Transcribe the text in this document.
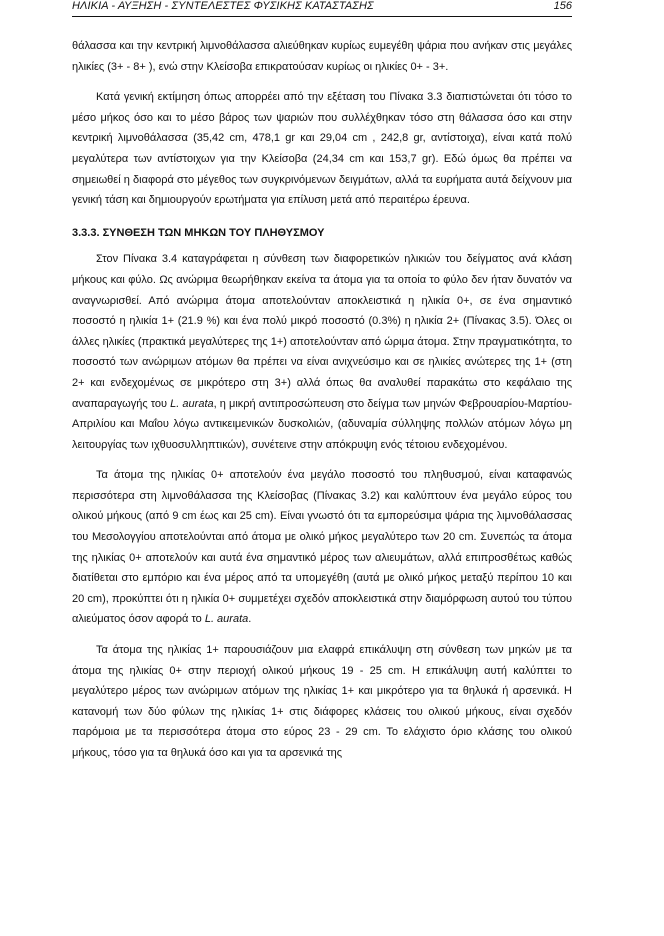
ΗΛΙΚΙΑ - ΑΥΞΗΣΗ - ΣΥΝΤΕΛΕΣΤΕΣ ΦΥΣΙΚΗΣ ΚΑΤΑΣΤΑΣΗΣ	156

θάλασσα και την κεντρική λιμνοθάλασσα αλιεύθηκαν κυρίως ευμεγέθη ψάρια που ανήκαν στις μεγάλες ηλικίες (3+ - 8+ ), ενώ στην Κλείσοβα επικρατούσαν κυρίως οι ηλικίες 0+ - 3+.

Κατά γενική εκτίμηση όπως απορρέει από την εξέταση του Πίνακα 3.3 διαπιστώνεται ότι τόσο το μέσο μήκος όσο και το μέσο βάρος των ψαριών που συλλέχθηκαν τόσο στη θάλασσα όσο και στην κεντρική λιμνοθάλασσα (35,42 cm, 478,1 gr και 29,04 cm , 242,8 gr, αντίστοιχα), είναι κατά πολύ μεγαλύτερα των αντίστοιχων για την Κλείσοβα (24,34 cm και 153,7 gr). Εδώ όμως θα πρέπει να σημειωθεί η διαφορά στο μέγεθος των συγκρινόμενων δειγμάτων, αλλά τα ευρήματα αυτά δείχνουν μια γενική τάση και δημιουργούν ερωτήματα για επίλυση μετά από περαιτέρω έρευνα.

3.3.3. ΣΥΝΘΕΣΗ ΤΩΝ ΜΗΚΩΝ ΤΟΥ ΠΛΗΘΥΣΜΟΥ

Στον Πίνακα 3.4 καταγράφεται η σύνθεση των διαφορετικών ηλικιών του δείγματος ανά κλάση μήκους και φύλο. Ως ανώριμα θεωρήθηκαν εκείνα τα άτομα για τα οποία το φύλο δεν ήταν δυνατόν να αναγνωρισθεί. Από ανώριμα άτομα αποτελούνταν αποκλειστικά η ηλικία 0+, σε ένα σημαντικό ποσοστό η ηλικία 1+ (21.9 %) και ένα πολύ μικρό ποσοστό (0.3%) η ηλικία 2+ (Πίνακας 3.5). Όλες οι άλλες ηλικίες (πρακτικά μεγαλύτερες της 1+) αποτελούνταν από ώριμα άτομα. Στην πραγματικότητα, το ποσοστό των ανώριμων ατόμων θα πρέπει να είναι ανιχνεύσιμο και σε ηλικίες ανώτερες της 1+ (στη 2+ και ενδεχομένως σε μικρότερο στη 3+) αλλά όπως θα αναλυθεί παρακάτω στο κεφάλαιο της αναπαραγωγής του L. aurata, η μικρή αντιπροσώπευση στο δείγμα των μηνών Φεβρουαρίου-Μαρτίου-Απριλίου και Μαΐου λόγω αντικειμενικών δυσκολιών, (αδυναμία σύλληψης πολλών ατόμων λόγω μη λειτουργίας των ιχθυοσυλληπτικών), συνέτεινε στην απόκρυψη ενός τέτοιου ενδεχομένου.

Τα άτομα της ηλικίας 0+ αποτελούν ένα μεγάλο ποσοστό του πληθυσμού, είναι καταφανώς περισσότερα στη λιμνοθάλασσα της Κλείσοβας (Πίνακας 3.2) και καλύπτουν ένα μεγάλο εύρος του ολικού μήκους (από 9 cm έως και 25 cm). Είναι γνωστό ότι τα εμπορεύσιμα ψάρια της λιμνοθάλασσας του Μεσολογγίου αποτελούνται από άτομα με ολικό μήκος μεγαλύτερο των 20 cm. Συνεπώς τα άτομα της ηλικίας 0+ αποτελούν και αυτά ένα σημαντικό μέρος των αλιευμάτων, αλλά επιπροσθέτως καθώς διατίθεται στο εμπόριο και ένα μέρος από τα υπομεγέθη (αυτά με ολικό μήκος μεταξύ περίπου 10 και 20 cm), προκύπτει ότι η ηλικία 0+ συμμετέχει σχεδόν αποκλειστικά στην διαμόρφωση αυτού του τύπου αλιεύματος όσον αφορά το L. aurata.

Τα άτομα της ηλικίας 1+ παρουσιάζουν μια ελαφρά επικάλυψη στη σύνθεση των μηκών με τα άτομα της ηλικίας 0+ στην περιοχή ολικού μήκους 19 - 25 cm. Η επικάλυψη αυτή καλύπτει το μεγαλύτερο μέρος των ανώριμων ατόμων της ηλικίας 1+ και μικρότερο για τα θηλυκά ή αρσενικά. Η κατανομή των δύο φύλων της ηλικίας 1+ στις διάφορες κλάσεις του ολικού μήκους, είναι σχεδόν παρόμοια με τα περισσότερα άτομα στο εύρος 23 - 29 cm. Το ελάχιστο όριο κλάσης του ολικού μήκους, τόσο για τα θηλυκά όσο και για τα αρσενικά της
